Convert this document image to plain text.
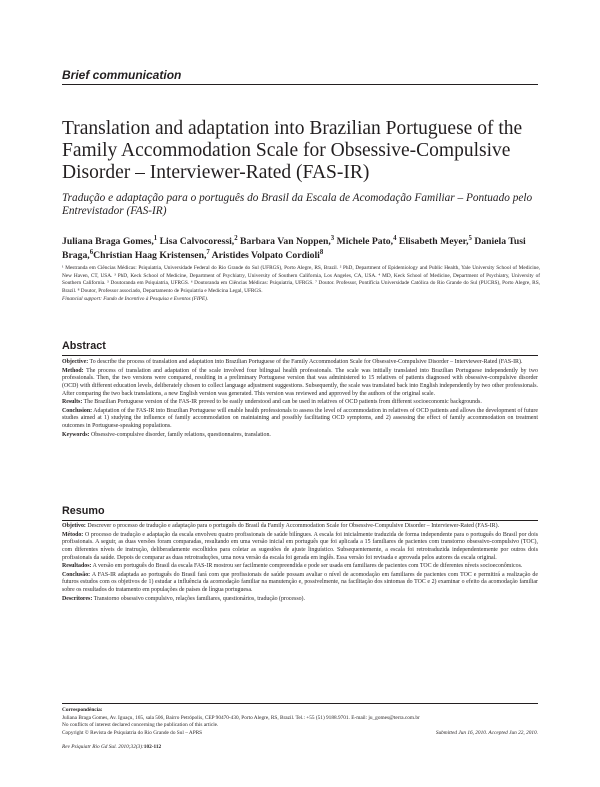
Brief communication
Translation and adaptation into Brazilian Portuguese of the Family Accommodation Scale for Obsessive-Compulsive Disorder – Interviewer-Rated (FAS-IR)

Tradução e adaptação para o português do Brasil da Escala de Acomodação Familiar – Pontuado pelo Entrevistador (FAS-IR)

Juliana Braga Gomes,$^1$ Lisa Calvocoressi,$^2$ Barbara Van Noppen,$^3$ Michele Pato,$^4$ Elisabeth Meyer,$^5$ Daniela Tusi Braga,$^6$Christian Haag Kristensen,$^7$ Aristides Volpato Cordioli$^8$

¹ Mestranda em Ciências Médicas: Psiquiatria, Universidade Federal do Rio Grande do Sul (UFRGS), Porto Alegre, RS, Brazil. ² PhD, Department of Epidemiology and Public Health, Yale University School of Medicine, New Haven, CT, USA. ³ PhD, Keck School of Medicine, Department of Psychiatry, University of Southern California, Los Angeles, CA, USA. ⁴ MD, Keck School of Medicine, Department of Psychiatry, University of Southern California. ⁵ Doutoranda em Psiquiatria, UFRGS. ⁶ Doutoranda em Ciências Médicas: Psiquiatria, UFRGS. ⁷ Doutor. Professor, Pontifícia Universidade Católica do Rio Grande do Sul (PUCRS), Porto Alegre, RS, Brazil. ⁸ Doutor, Professor associado, Departamento de Psiquiatria e Medicina Legal, UFRGS.
Financial support: Fundo de Incentivo à Pesquisa e Eventos (FIPE).
Abstract

Objective: To describe the process of translation and adaptation into Brazilian Portuguese of the Family Accommodation Scale for Obsessive-Compulsive Disorder – Interviewer-Rated (FAS-IR).

Method: The process of translation and adaptation of the scale involved four bilingual health professionals. The scale was initially translated into Brazilian Portuguese independently by two professionals. Then, the two versions were compared, resulting in a preliminary Portuguese version that was administered to 15 relatives of patients diagnosed with obsessive-compulsive disorder (OCD) with different education levels, deliberately chosen to collect language adjustment suggestions. Subsequently, the scale was translated back into English independently by two other professionals. After comparing the two back translations, a new English version was generated. This version was reviewed and approved by the authors of the original scale.

Results: The Brazilian Portuguese version of the FAS-IR proved to be easily understood and can be used in relatives of OCD patients from different socioeconomic backgrounds.

Conclusion: Adaptation of the FAS-IR into Brazilian Portuguese will enable health professionals to assess the level of accommodation in relatives of OCD patients and allows the development of future studies aimed at 1) studying the influence of family accommodation on maintaining and possibly facilitating OCD symptoms, and 2) assessing the effect of family accommodation on treatment outcomes in Portuguese-speaking populations.

Keywords: Obsessive-compulsive disorder, family relations, questionnaires, translation.

Resumo

Objetivo: Descrever o processo de tradução e adaptação para o português do Brasil da Family Accommodation Scale for Obsessive-Compulsive Disorder – Interviewer-Rated (FAS-IR).

Método: O processo de tradução e adaptação da escala envolveu quatro profissionais de saúde bilíngues. A escala foi inicialmente traduzida de forma independente para o português do Brasil por dois profissionais. A seguir, as duas versões foram comparadas, resultando em uma versão inicial em português que foi aplicada a 15 familiares de pacientes com transtorno obsessivo-compulsivo (TOC), com diferentes níveis de instrução, deliberadamente escolhidos para coletar as sugestões de ajuste linguístico. Subsequentemente, a escala foi retrotraduzida independentemente por outros dois profissionais da saúde. Depois de comparar as duas retrotraduções, uma nova versão da escala foi gerada em inglês. Essa versão foi revisada e aprovada pelos autores da escala original.

Resultados: A versão em português do Brasil da escala FAS-IR mostrou ser facilmente compreendida e pode ser usada em familiares de pacientes com TOC de diferentes níveis socioeconômicos.

Conclusão: A FAS-IR adaptada ao português do Brasil fará com que profissionais de saúde possam avaliar o nível de acomodação em familiares de pacientes com TOC e permitirá a realização de futuros estudos com os objetivos de 1) estudar a influência da acomodação familiar na manutenção e, possivelmente, na facilitação dos sintomas do TOC e 2) examinar o efeito da acomodação familiar sobre os resultados do tratamento em populações de países de língua portuguesa.

Descritores: Transtorno obsessivo compulsivo, relações familiares, questionários, tradução (processo).

Correspondência:
Juliana Braga Gomes, Av. Iguaçu, 165, sala 506, Bairro Petrópolis, CEP 90470-430, Porto Alegre, RS, Brazil. Tel.: +55 (51) 9188.9701. E-mail: ju_gomes@terra.com.br
No conflicts of interest declared concerning the publication of this article.
Copyright © Revista de Psiquiatria do Rio Grande do Sul – APRS	Submitted Jun 16, 2010. Accepted Jun 22, 2010.
Rev Psiquiatr Rio Gd Sul. 2010;32(3):102-112
